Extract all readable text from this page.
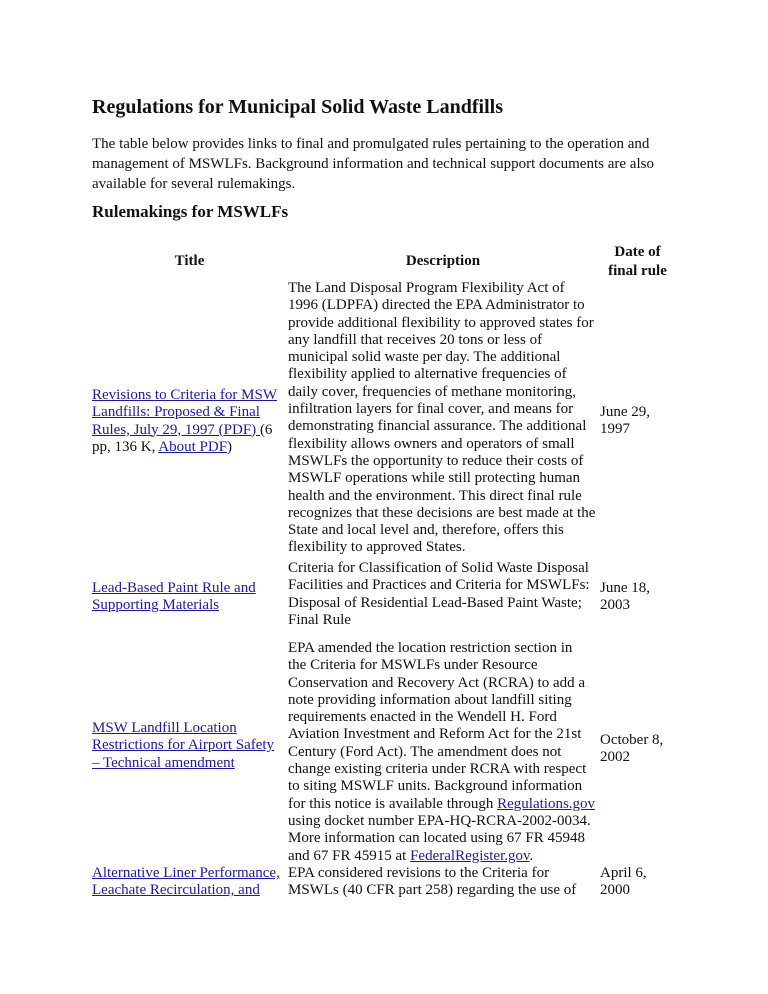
Regulations for Municipal Solid Waste Landfills
The table below provides links to final and promulgated rules pertaining to the operation and
management of MSWLFs. Background information and technical support documents are also
available for several rulemakings.
Rulemakings for MSWLFs
Title	Description
Date of
final rule
Revisions to Criteria for MSW
Landfills: Proposed & Final
Rules, July 29, 1997 (PDF) (6
pp, 136 K, About PDF)
The Land Disposal Program Flexibility Act of
1996 (LDPFA) directed the EPA Administrator to
provide additional flexibility to approved states for
any landfill that receives 20 tons or less of
municipal solid waste per day. The additional
flexibility applied to alternative frequencies of
daily cover, frequencies of methane monitoring,
infiltration layers for final cover, and means for
demonstrating financial assurance. The additional
flexibility allows owners and operators of small
MSWLFs the opportunity to reduce their costs of
MSWLF operations while still protecting human
health and the environment. This direct final rule
recognizes that these decisions are best made at the
State and local level and, therefore, offers this
flexibility to approved States.
June 29,
1997
Lead-Based Paint Rule and
Supporting Materials
Criteria for Classification of Solid Waste Disposal
Facilities and Practices and Criteria for MSWLFs:
Disposal of Residential Lead-Based Paint Waste;
Final Rule
June 18,
2003
MSW Landfill Location
Restrictions for Airport Safety
– Technical amendment
EPA amended the location restriction section in
the Criteria for MSWLFs under Resource
Conservation and Recovery Act (RCRA) to add a
note providing information about landfill siting
requirements enacted in the Wendell H. Ford
Aviation Investment and Reform Act for the 21st
Century (Ford Act). The amendment does not
change existing criteria under RCRA with respect
to siting MSWLF units. Background information
for this notice is available through Regulations.gov
using docket number EPA-HQ-RCRA-2002-0034.
More information can located using 67 FR 45948
and 67 FR 45915 at FederalRegister.gov.
October 8,
2002
Alternative Liner Performance,
Leachate Recirculation, and
EPA considered revisions to the Criteria for
MSWLs (40 CFR part 258) regarding the use of
April 6,
2000
